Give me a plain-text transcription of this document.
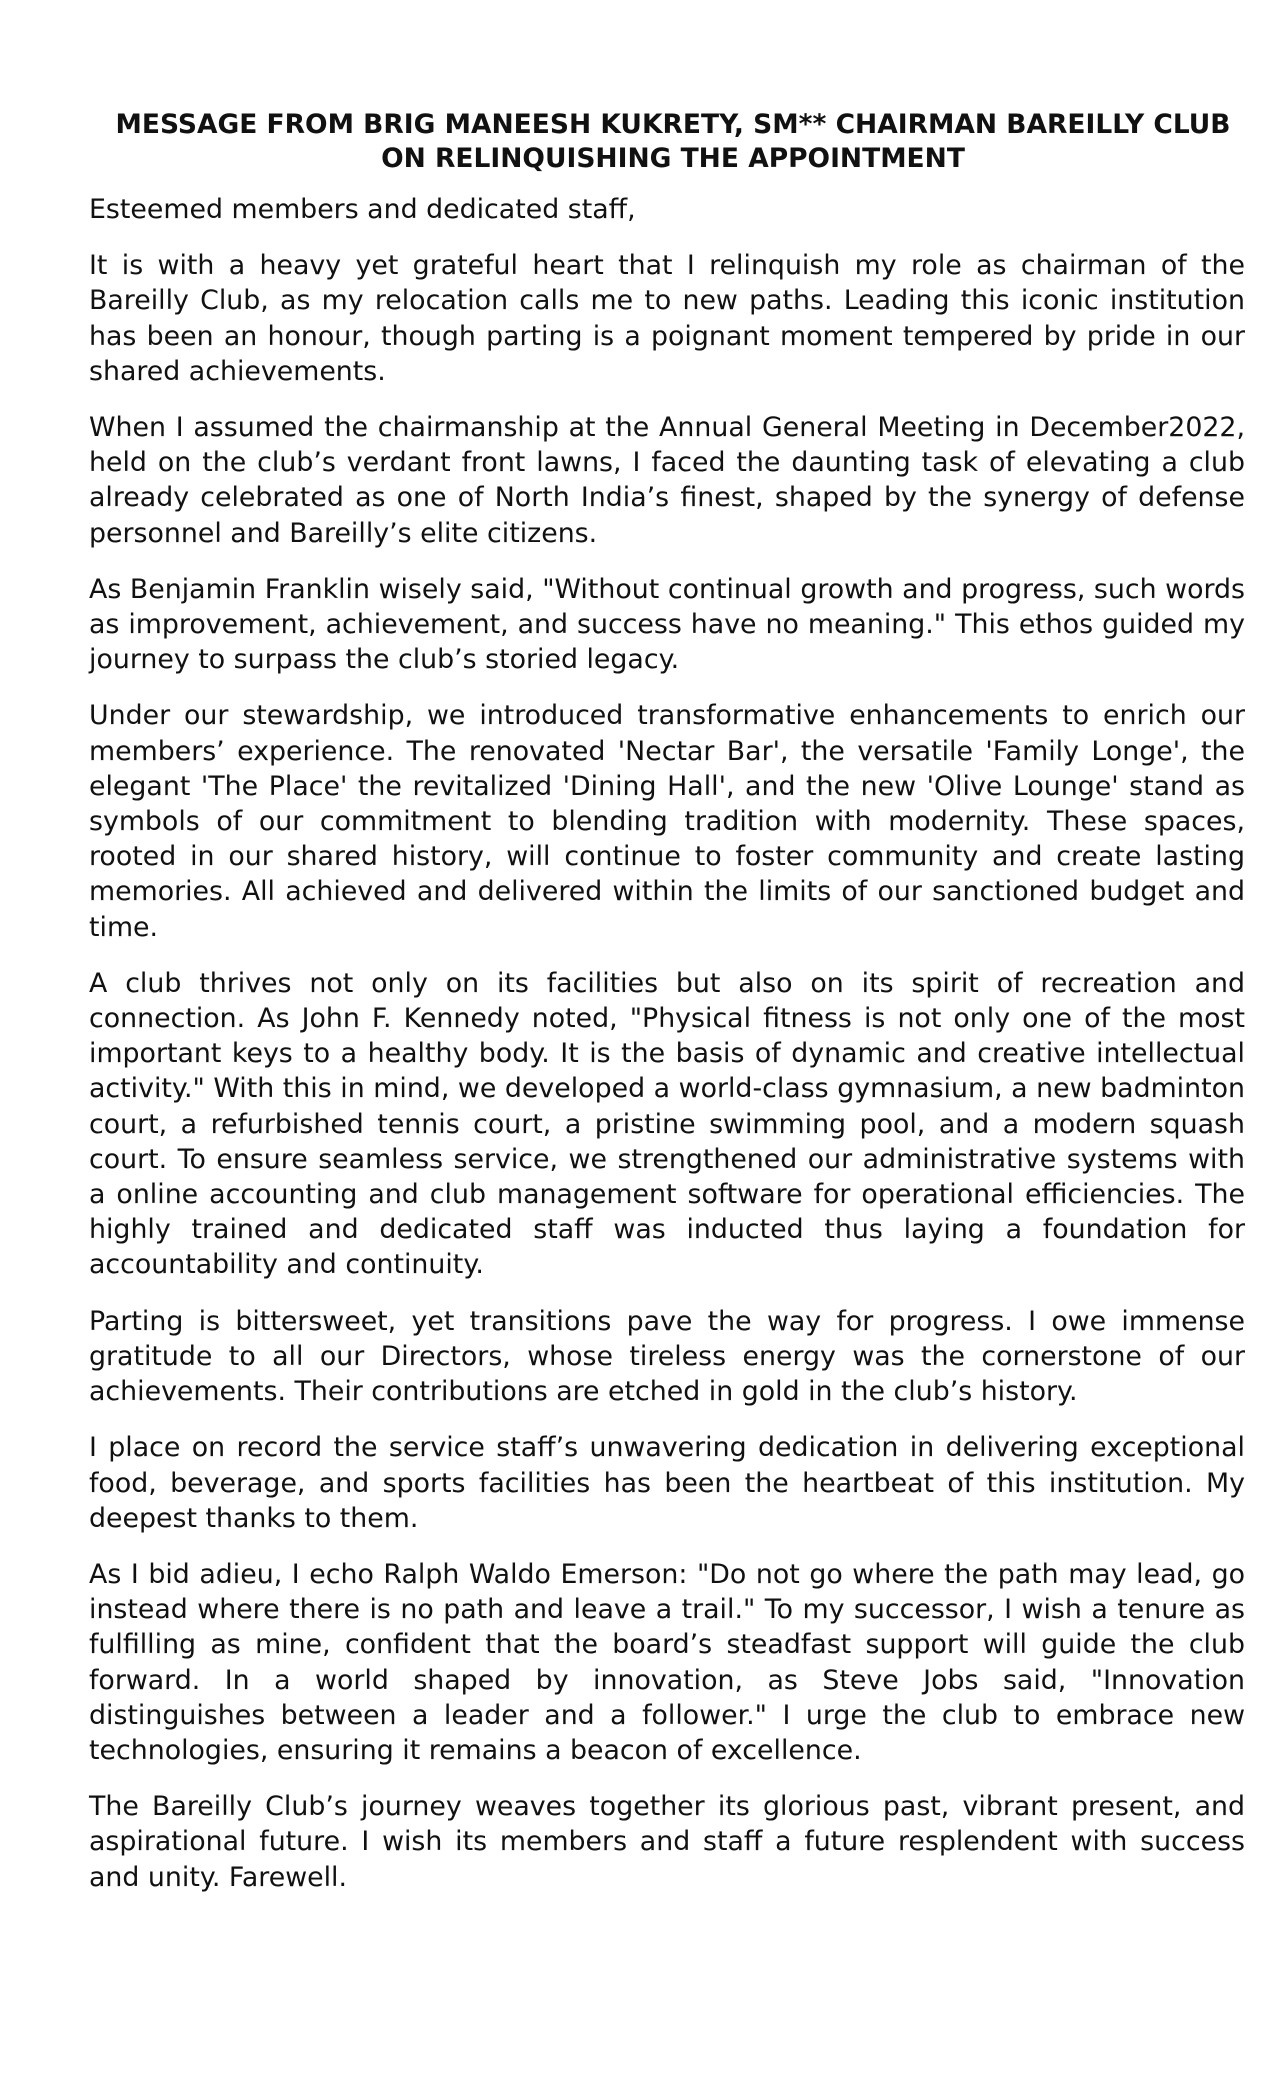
MESSAGE FROM BRIG MANEESH KUKRETY, SM** CHAIRMAN BAREILLY CLUB
ON RELINQUISHING THE APPOINTMENT

Esteemed members and dedicated staff,

It is with a heavy yet grateful heart that I relinquish my role as chairman of the Bareilly Club, as my relocation calls me to new paths. Leading this iconic institution has been an honour, though parting is a poignant moment tempered by pride in our shared achievements.

When I assumed the chairmanship at the Annual General Meeting in December2022, held on the club’s verdant front lawns, I faced the daunting task of elevating a club already celebrated as one of North India’s finest, shaped by the synergy of defense personnel and Bareilly’s elite citizens.

As Benjamin Franklin wisely said, "Without continual growth and progress, such words as improvement, achievement, and success have no meaning." This ethos guided my journey to surpass the club’s storied legacy.

Under our stewardship, we introduced transformative enhancements to enrich our members’ experience. The renovated 'Nectar Bar', the versatile 'Family Longe', the elegant 'The Place' the revitalized 'Dining Hall', and the new 'Olive Lounge' stand as symbols of our commitment to blending tradition with modernity. These spaces, rooted in our shared history, will continue to foster community and create lasting memories. All achieved and delivered within the limits of our sanctioned budget and time.

A club thrives not only on its facilities but also on its spirit of recreation and connection. As John F. Kennedy noted, "Physical fitness is not only one of the most important keys to a healthy body. It is the basis of dynamic and creative intellectual activity." With this in mind, we developed a world-class gymnasium, a new badminton court, a refurbished tennis court, a pristine swimming pool, and a modern squash court. To ensure seamless service, we strengthened our administrative systems with a online accounting and club management software for operational efficiencies. The highly trained and dedicated staff was inducted thus laying a foundation for accountability and continuity.

Parting is bittersweet, yet transitions pave the way for progress. I owe immense gratitude to all our Directors, whose tireless energy was the cornerstone of our achievements. Their contributions are etched in gold in the club’s history.

I place on record the service staff’s unwavering dedication in delivering exceptional food, beverage, and sports facilities has been the heartbeat of this institution. My deepest thanks to them.

As I bid adieu, I echo Ralph Waldo Emerson: "Do not go where the path may lead, go instead where there is no path and leave a trail." To my successor, I wish a tenure as fulfilling as mine, confident that the board’s steadfast support will guide the club forward. In a world shaped by innovation, as Steve Jobs said, "Innovation distinguishes between a leader and a follower." I urge the club to embrace new technologies, ensuring it remains a beacon of excellence.

The Bareilly Club’s journey weaves together its glorious past, vibrant present, and aspirational future. I wish its members and staff a future resplendent with success and unity. Farewell.
